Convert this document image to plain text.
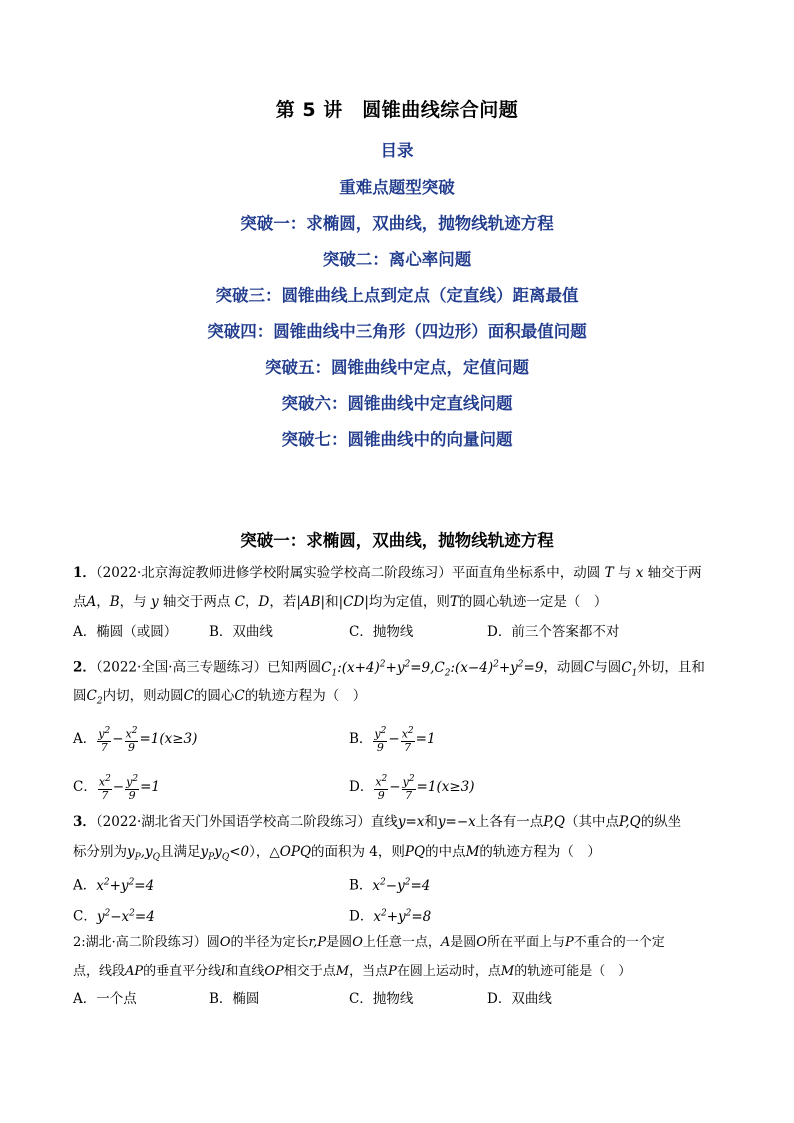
第 5 讲　圆锥曲线综合问题
目录
重难点题型突破
突破一：求椭圆，双曲线，抛物线轨迹方程
突破二：离心率问题
突破三：圆锥曲线上点到定点（定直线）距离最值
突破四：圆锥曲线中三角形（四边形）面积最值问题
突破五：圆锥曲线中定点，定值问题
突破六：圆锥曲线中定直线问题
突破七：圆锥曲线中的向量问题
突破一：求椭圆，双曲线，抛物线轨迹方程
1．（2022·北京海淀教师进修学校附属实验学校高二阶段练习）平面直角坐标系中，动圆 T 与 x 轴交于两
点A，B，与 y 轴交于两点 C，D，若|AB|和|CD|均为定值，则T的圆心轨迹一定是（　）
A．椭圆（或圆） B．双曲线	C．抛物线	D．前三个答案都不对
2．（2022·全国·高三专题练习）已知两圆$C_1:(x+4)^2+y^2=9,C_2:(x-4)^2+y^2=9$，动圆C与圆$C_1$外切，且和
圆$C_2$内切，则动圆C的圆心C的轨迹方程为（　）
A． $\frac{y^2}{7} - \frac{x^2}{9} =1(x\ge 3)$	B． $\frac{y^2}{9} - \frac{x^2}{7} =1$
C． $\frac{x^2}{7} - \frac{y^2}{9} =1$	D． $\frac{x^2}{9} - \frac{y^2}{7} =1(x\ge 3)$
3．（2022·湖北省天门外国语学校高二阶段练习）直线y=x和y=−x上各有一点P,Q（其中点P,Q的纵坐
标分别为$y_P,y_Q$且满足$y_Py_Q<0$），△OPQ的面积为 4，则PQ的中点M的轨迹方程为（　）
A．$x^2+y^2=4$	B．$x^2-y^2=4$
C．$y^2-x^2=4$	D．$x^2+y^2=8$
2:湖北·高二阶段练习）圆O的半径为定长r,P是圆O上任意一点，A是圆O所在平面上与P不重合的一个定
点，线段AP的垂直平分线l和直线OP相交于点M，当点P在圆上运动时，点M的轨迹可能是（　）
A．一个点	B．椭圆	C．抛物线	D．双曲线
